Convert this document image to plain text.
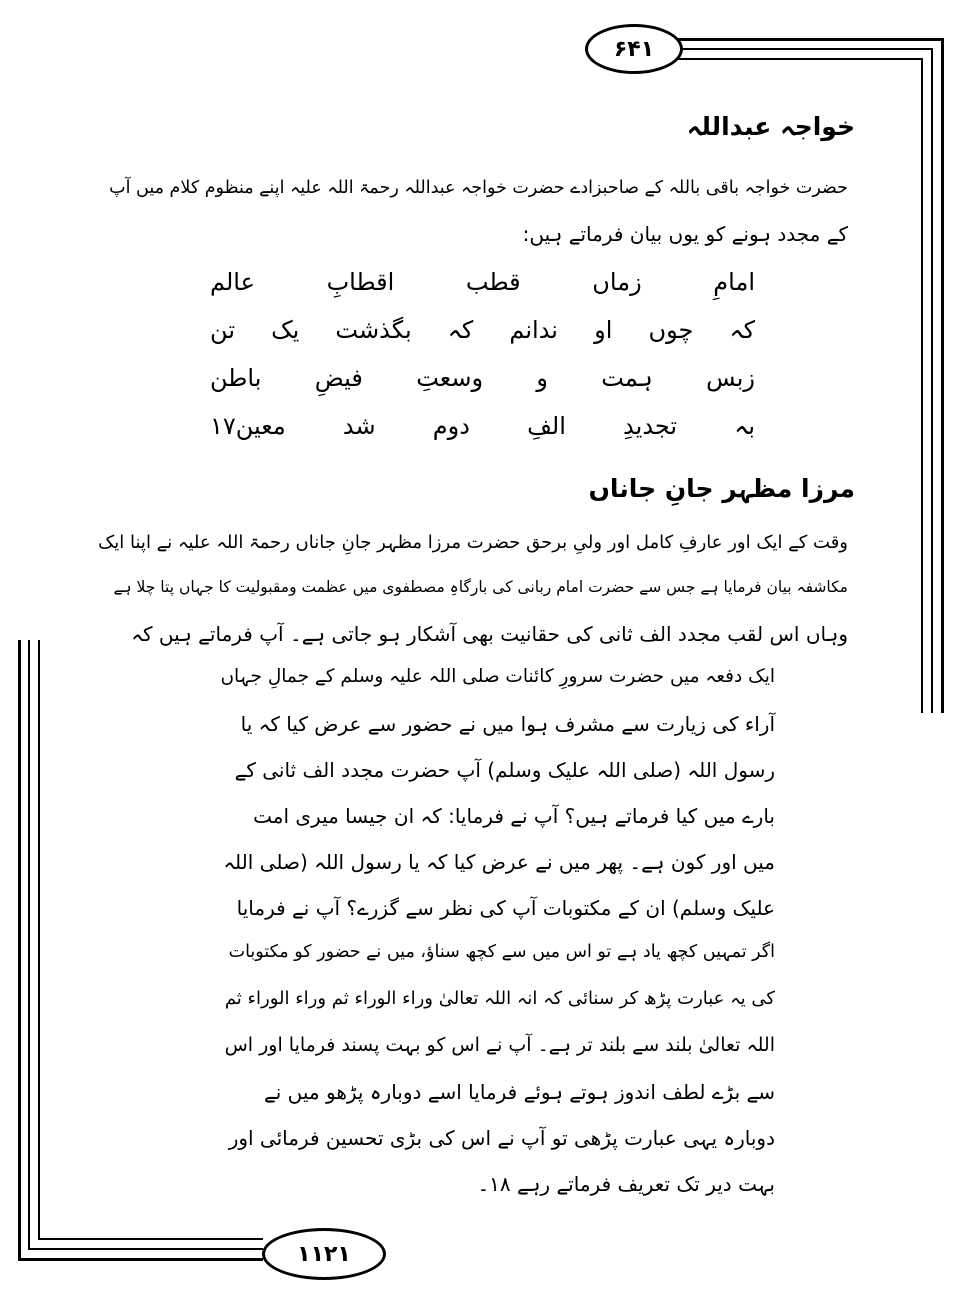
۶۴۱
۱۱۲۱
خواجہ عبداللہ
حضرت خواجہ باقی باللہ کے صاحبزادے حضرت خواجہ عبداللہ رحمۃ اللہ علیہ اپنے منظوم کلام میں آپ
کے مجدد ہونے کو یوں بیان فرماتے ہیں:
امامِ
زماں
قطب
اقطابِ
عالم
کہ
چوں
او
ندانم
کہ
بگذشت
یک
تن
زبس
ہمت
و
وسعتِ
فیضِ
باطن
بہ
تجدیدِ
الفِ
دوم
شد
معین۱۷
مرزا مظہر جانِ جاناں
وقت کے ایک اور عارفِ کامل اور ولیِ برحق حضرت مرزا مظہر جانِ جاناں رحمۃ اللہ علیہ نے اپنا ایک
مکاشفہ بیان فرمایا ہے جس سے حضرت امام ربانی کی بارگاہِ مصطفوی میں عظمت ومقبولیت کا جہاں پتا چلا ہے
وہاں اس لقب مجدد الف ثانی کی حقانیت بھی آشکار ہو جاتی ہے۔ آپ فرماتے ہیں کہ
ایک دفعہ میں حضرت سرورِ کائنات صلی اللہ علیہ وسلم کے جمالِ جہاں
آراء کی زیارت سے مشرف ہوا میں نے حضور سے عرض کیا کہ یا
رسول اللہ (صلی اللہ علیک وسلم) آپ حضرت مجدد الف ثانی کے
بارے میں کیا فرماتے ہیں؟ آپ نے فرمایا: کہ ان جیسا میری امت
میں اور کون ہے۔ پھر میں نے عرض کیا کہ یا رسول اللہ (صلی اللہ
علیک وسلم) ان کے مکتوبات آپ کی نظر سے گزرے؟ آپ نے فرمایا
اگر تمہیں کچھ یاد ہے تو اس میں سے کچھ سناؤ، میں نے حضور کو مکتوبات
کی یہ عبارت پڑھ کر سنائی کہ انہ اللہ تعالیٰ وراء الوراء ثم وراء الوراء ثم
اللہ تعالیٰ بلند سے بلند تر ہے۔ آپ نے اس کو بہت پسند فرمایا اور اس
سے بڑے لطف اندوز ہوتے ہوئے فرمایا اسے دوبارہ پڑھو میں نے
دوبارہ یہی عبارت پڑھی تو آپ نے اس کی بڑی تحسین فرمائی اور
بہت دیر تک تعریف فرماتے رہے ۱۸۔
